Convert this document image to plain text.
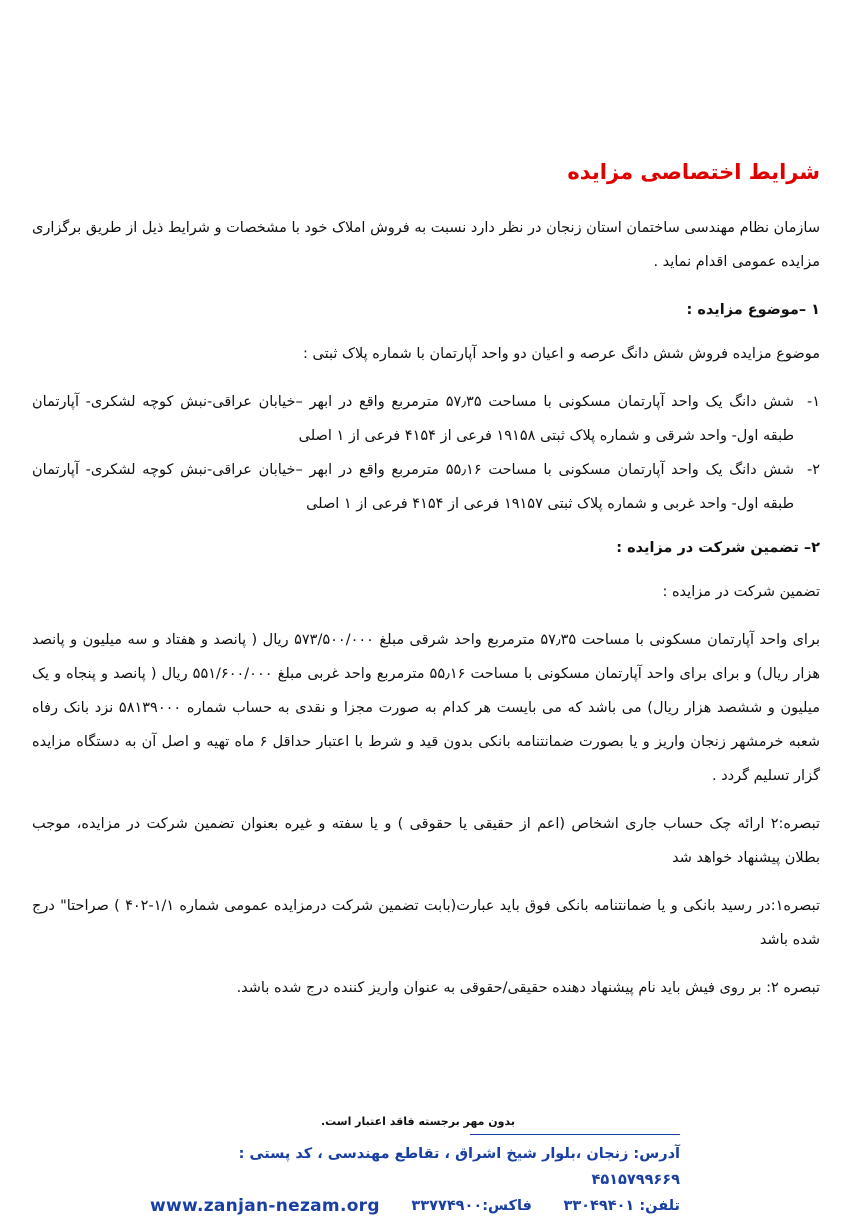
شرایط اختصاصی مزایده
سازمان نظام مهندسی ساختمان استان زنجان در نظر دارد نسبت به فروش املاک خود با مشخصات و شرایط ذیل از طریق برگزاری مزایده عمومی اقدام نماید .
۱ –موضوع مزایده :
موضوع مزایده فروش شش دانگ عرصه و اعیان دو واحد آپارتمان با شماره پلاک ثبتی :
۱-
شش دانگ یک واحد آپارتمان مسکونی با مساحت ۵۷٫۳۵ مترمربع واقع در ابهر –خیابان عراقی-نبش کوچه لشکری- آپارتمان طبقه اول- واحد شرقی و شماره پلاک ثبتی ۱۹۱۵۸ فرعی از ۴۱۵۴ فرعی از ۱ اصلی
۲-
شش دانگ یک واحد آپارتمان مسکونی با مساحت ۵۵٫۱۶ مترمربع واقع در ابهر –خیابان عراقی-نبش کوچه لشکری- آپارتمان طبقه اول- واحد غربی و شماره پلاک ثبتی ۱۹۱۵۷ فرعی از ۴۱۵۴ فرعی از ۱ اصلی
۲– تضمین شرکت در مزایده :
تضمین شرکت در مزایده :
برای واحد آپارتمان مسکونی با مساحت ۵۷٫۳۵ مترمربع واحد شرقی مبلغ ۵۷۳/۵۰۰/۰۰۰ ریال ( پانصد و هفتاد و سه میلیون و پانصد هزار ریال) و برای برای واحد آپارتمان مسکونی با مساحت ۵۵٫۱۶ مترمربع واحد غربی مبلغ ۵۵۱/۶۰۰/۰۰۰ ریال ( پانصد و پنجاه و یک میلیون و ششصد هزار ریال) می باشد که می بایست هر کدام به صورت مجزا و نقدی به حساب شماره ۵۸۱۳۹۰۰۰ نزد بانک رفاه شعبه خرمشهر زنجان واریز و یا بصورت ضمانتنامه بانکی بدون قید و شرط با اعتبار حداقل ۶ ماه تهیه و اصل آن به دستگاه مزایده گزار تسلیم گردد .
تبصره:۲ ارائه چک حساب جاری اشخاص (اعم از حقیقی یا حقوقی ) و یا سفته و غیره بعنوان تضمین شرکت در مزایده، موجب بطلان پیشنهاد خواهد شد
تبصره۱:در رسید بانکی و یا ضمانتنامه بانکی فوق باید عبارت(بابت تضمین شرکت درمزایده عمومی شماره ۱/۱-۴۰۲ ) صراحتا" درج شده باشد
تبصره ۲: بر روی فیش باید نام پیشنهاد دهنده حقیقی/حقوقی به عنوان واریز کننده درج شده باشد.
بدون مهر برجسته فاقد اعتبار است.
آدرس: زنجان ،بلوار شیخ اشراق ، تقاطع مهندسی ، کد پستی : ۴۵۱۵۷۹۹۶۶۹
تلفن: ۳۳۰۴۹۴۰۱
فاکس:۳۳۷۷۴۹۰۰
www.zanjan-nezam.org
